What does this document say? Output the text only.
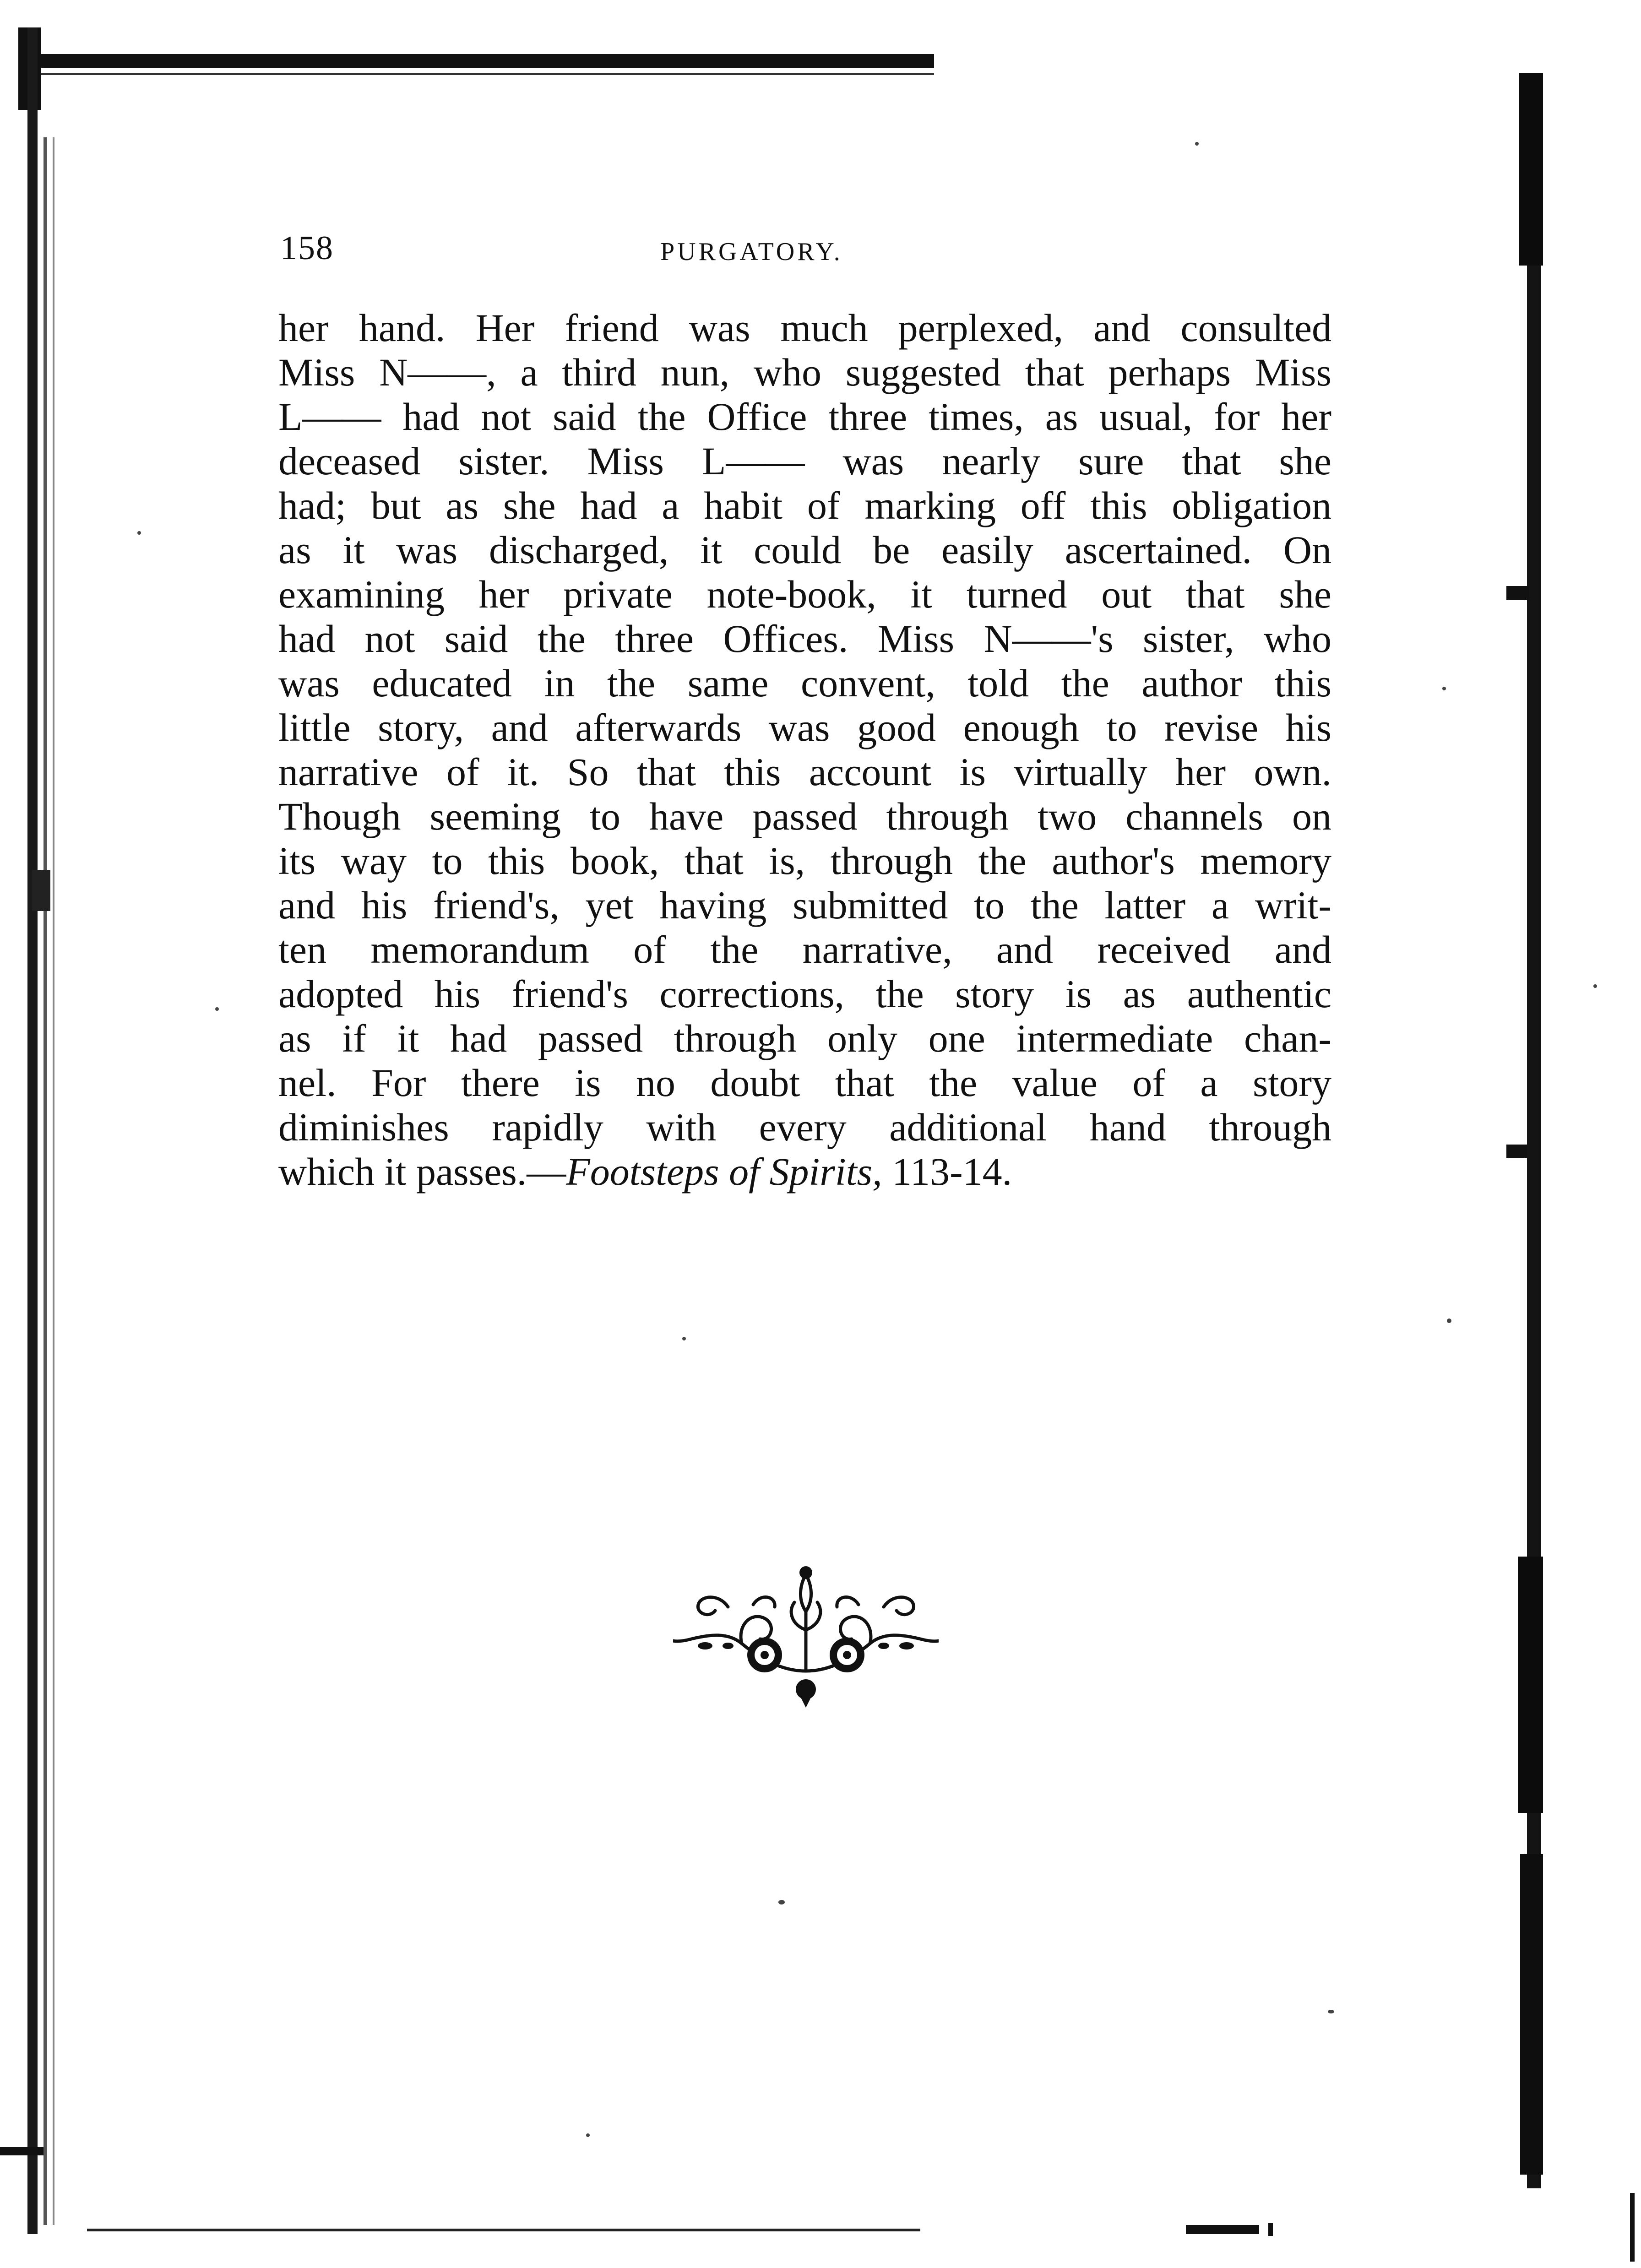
158	PURGATORY.
her hand. Her friend was much perplexed, and consulted
Miss N——, a third nun, who suggested that perhaps Miss
L—— had not said the Office three times, as usual, for her
deceased sister. Miss L—— was nearly sure that she
had; but as she had a habit of marking off this obligation
as it was discharged, it could be easily ascertained. On
examining her private note-book, it turned out that she
had not said the three Offices. Miss N——'s sister, who
was educated in the same convent, told the author this
little story, and afterwards was good enough to revise his
narrative of it. So that this account is virtually her own.
Though seeming to have passed through two channels on
its way to this book, that is, through the author's memory
and his friend's, yet having submitted to the latter a writ-
ten memorandum of the narrative, and received and
adopted his friend's corrections, the story is as authentic
as if it had passed through only one intermediate chan-
nel. For there is no doubt that the value of a story
diminishes rapidly with every additional hand through
which it passes.—Footsteps of Spirits, 113-14.
